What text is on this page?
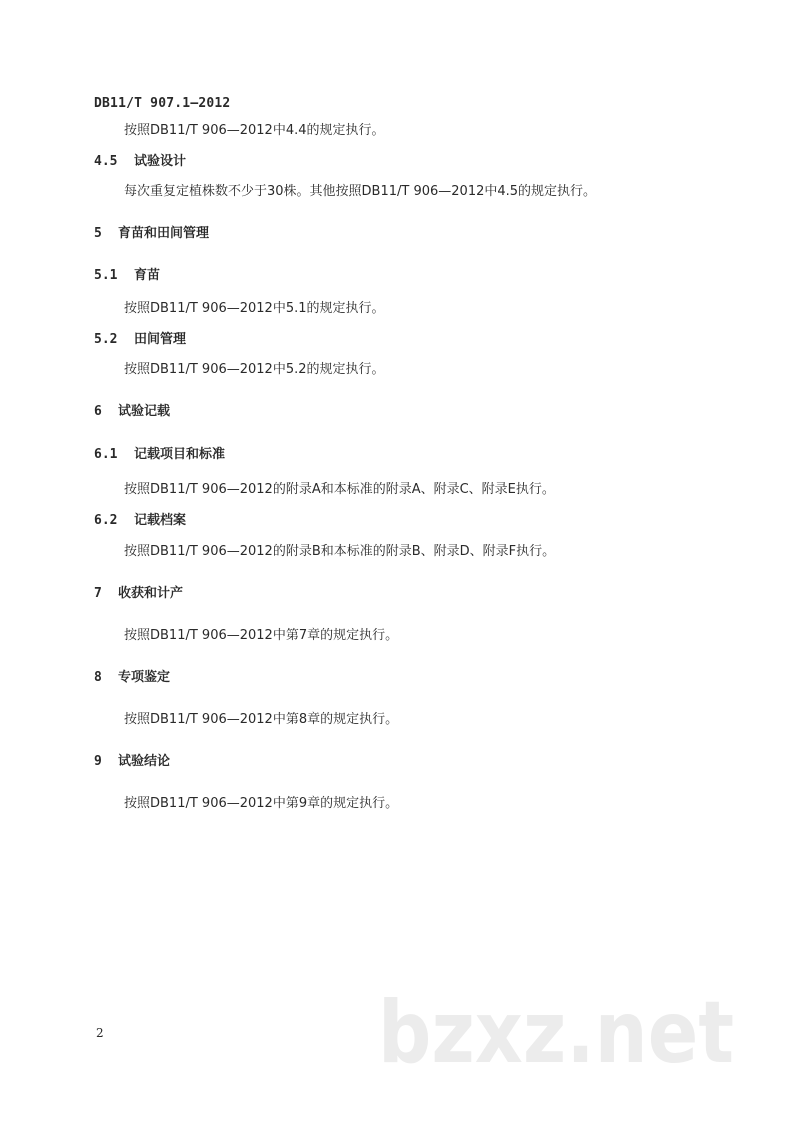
DB11/T 907.1—2012
按照DB11/T 906—2012中4.4的规定执行。
4.5 试验设计
每次重复定植株数不少于30株。其他按照DB11/T 906—2012中4.5的规定执行。
5 育苗和田间管理
5.1 育苗
按照DB11/T 906—2012中5.1的规定执行。
5.2 田间管理
按照DB11/T 906—2012中5.2的规定执行。
6 试验记载
6.1 记载项目和标准
按照DB11/T 906—2012的附录A和本标准的附录A、附录C、附录E执行。
6.2 记载档案
按照DB11/T 906—2012的附录B和本标准的附录B、附录D、附录F执行。
7 收获和计产
按照DB11/T 906—2012中第7章的规定执行。
8 专项鉴定
按照DB11/T 906—2012中第8章的规定执行。
9 试验结论
按照DB11/T 906—2012中第9章的规定执行。
2	bzxz.net
